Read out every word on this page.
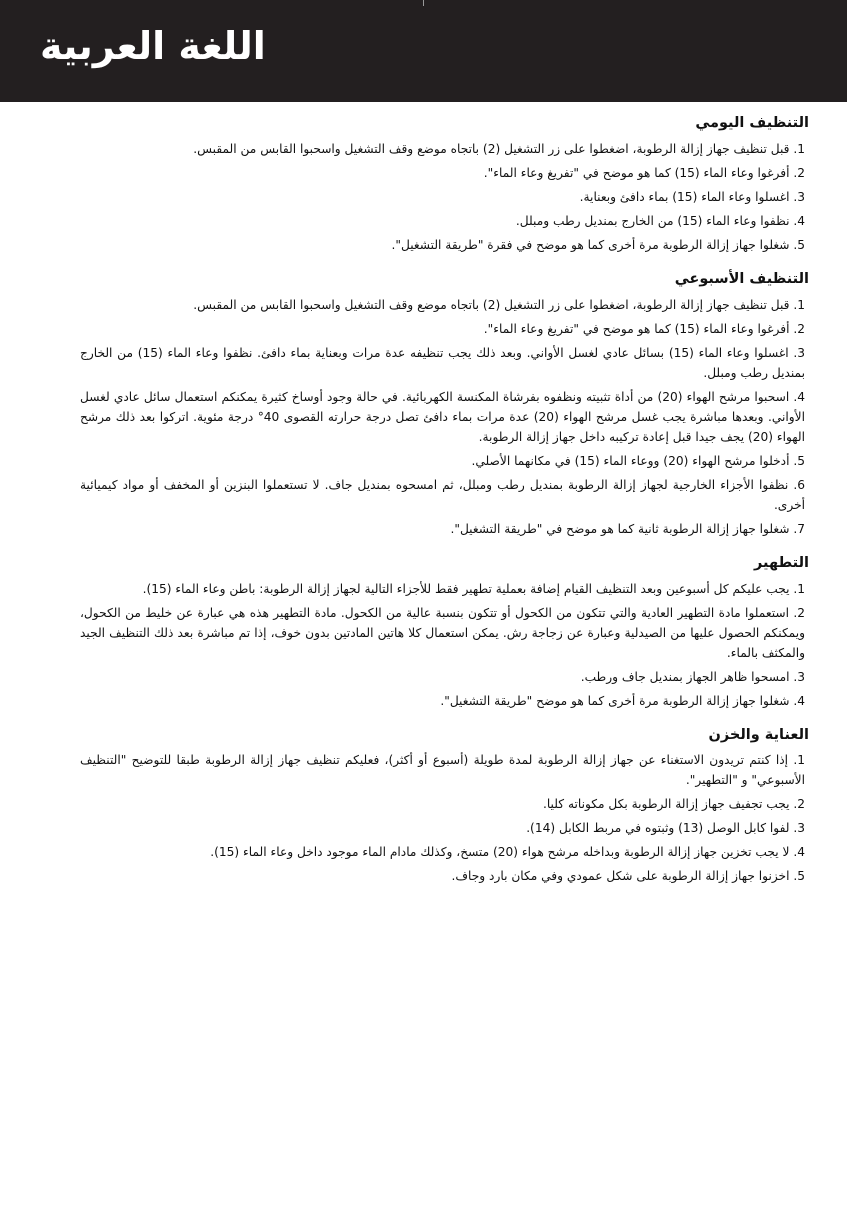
اللغة العربية
التنظيف اليومي

1. قبل تنظيف جهاز إزالة الرطوبة، اضغطوا على زر التشغيل (2) باتجاه موضع وقف التشغيل واسحبوا القابس من المقبس.

2. أفرغوا وعاء الماء (15) كما هو موضح في "تفريغ وعاء الماء".

3. اغسلوا وعاء الماء (15) بماء دافئ وبعناية.

4. نظفوا وعاء الماء (15) من الخارج بمنديل رطب ومبلل.

5. شغلوا جهاز إزالة الرطوبة مرة أخرى كما هو موضح في فقرة "طريقة التشغيل".

التنظيف الأسبوعي

1. قبل تنظيف جهاز إزالة الرطوبة، اضغطوا على زر التشغيل (2) باتجاه موضع وقف التشغيل واسحبوا القابس من المقبس.

2. أفرغوا وعاء الماء (15) كما هو موضح في "تفريغ وعاء الماء".

3. اغسلوا وعاء الماء (15) بسائل عادي لغسل الأواني. وبعد ذلك يجب تنظيفه عدة مرات وبعناية بماء دافئ. نظفوا وعاء الماء (15) من الخارج بمنديل رطب ومبلل.

4. اسحبوا مرشح الهواء (20) من أداة تثبيته ونظفوه بفرشاة المكنسة الكهربائية. في حالة وجود أوساخ كثيرة يمكنكم استعمال سائل عادي لغسل الأواني. وبعدها مباشرة يجب غسل مرشح الهواء (20) عدة مرات بماء دافئ تصل درجة حرارته القصوى 40° درجة مئوية. اتركوا بعد ذلك مرشح الهواء (20) يجف جيدا قبل إعادة تركيبه داخل جهاز إزالة الرطوبة.

5. أدخلوا مرشح الهواء (20) ووعاء الماء (15) في مكانهما الأصلي.

6. نظفوا الأجزاء الخارجية لجهاز إزالة الرطوبة بمنديل رطب ومبلل، ثم امسحوه بمنديل جاف. لا تستعملوا البنزين أو المخفف أو مواد كيميائية أخرى.

7. شغلوا جهاز إزالة الرطوبة ثانية كما هو موضح في "طريقة التشغيل".

التطهير

1. يجب عليكم كل أسبوعين وبعد التنظيف القيام إضافة بعملية تطهير فقط للأجزاء التالية لجهاز إزالة الرطوبة: باطن وعاء الماء (15).

2. استعملوا مادة التطهير العادية والتي تتكون من الكحول أو تتكون بنسبة عالية من الكحول. مادة التطهير هذه هي عبارة عن خليط من الكحول، ويمكنكم الحصول عليها من الصيدلية وعبارة عن زجاجة رش. يمكن استعمال كلا هاتين المادتين بدون خوف، إذا تم مباشرة بعد ذلك التنظيف الجيد والمكثف بالماء.

3. امسحوا ظاهر الجهاز بمنديل جاف ورطب.

4. شغلوا جهاز إزالة الرطوبة مرة أخرى كما هو موضح "طريقة التشغيل".

العناية والخزن

1. إذا كنتم تريدون الاستغناء عن جهاز إزالة الرطوبة لمدة طويلة (أسبوع أو أكثر)، فعليكم تنظيف جهاز إزالة الرطوبة طبقا للتوضيح "التنظيف الأسبوعي" و "التطهير".

2. يجب تجفيف جهاز إزالة الرطوبة بكل مكوناته كليا.

3. لفوا كابل الوصل (13) وثبتوه في مربط الكابل (14).

4. لا يجب تخزين جهاز إزالة الرطوبة وبداخله مرشح هواء (20) متسخ، وكذلك مادام الماء موجود داخل وعاء الماء (15).

5. اخزنوا جهاز إزالة الرطوبة على شكل عمودي وفي مكان بارد وجاف.
